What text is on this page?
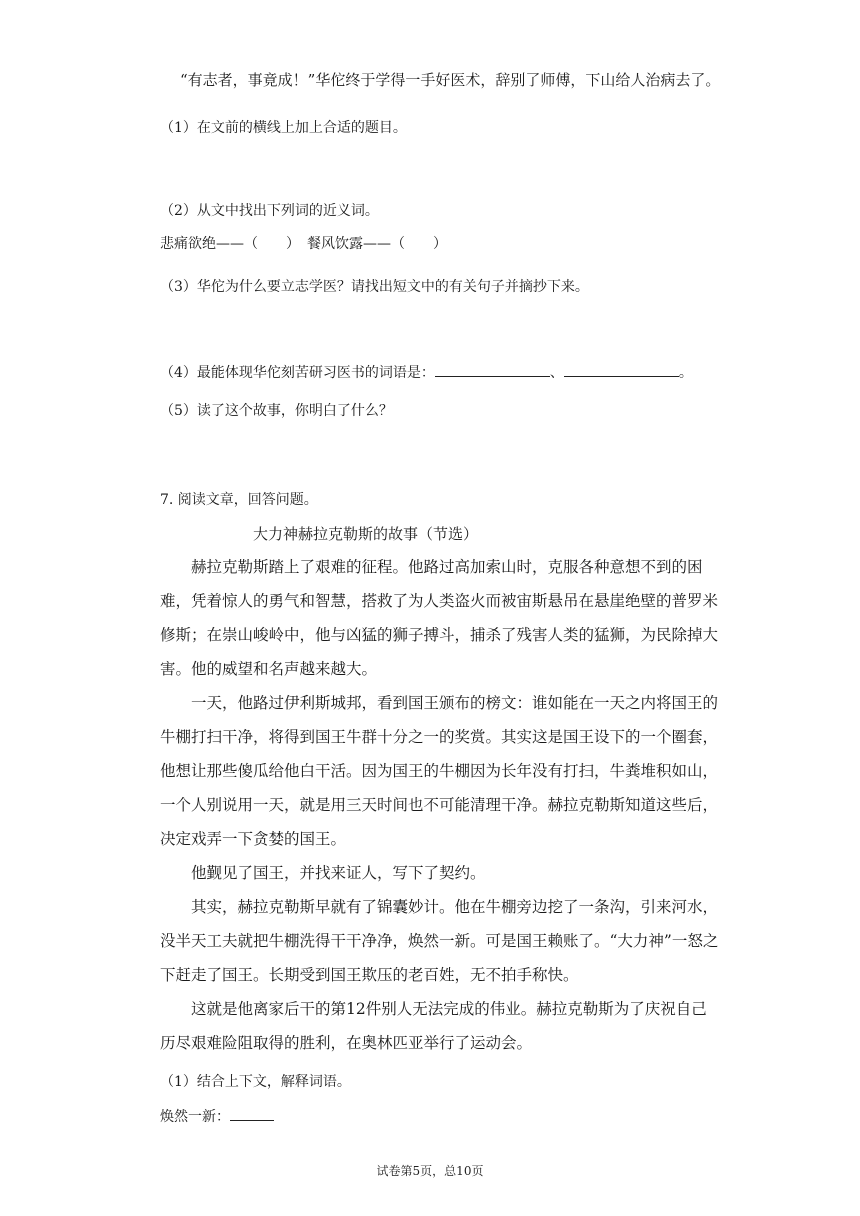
“有志者，事竟成！”华佗终于学得一手好医术，辞别了师傅，下山给人治病去了。
（1）在文前的横线上加上合适的题目。
（2）从文中找出下列词的近义词。
悲痛欲绝——（　　）　餐风饮露——（　　）
（3）华佗为什么要立志学医？请找出短文中的有关句子并摘抄下来。
（4）最能体现华佗刻苦研习医书的词语是：	、	。
（5）读了这个故事，你明白了什么？
7. 阅读文章，回答问题。
大力神赫拉克勒斯的故事（节选）

赫拉克勒斯踏上了艰难的征程。他路过高加索山时，克服各种意想不到的困难，凭着惊人的勇气和智慧，搭救了为人类盗火而被宙斯悬吊在悬崖绝壁的普罗米修斯；在崇山峻岭中，他与凶猛的狮子搏斗，捕杀了残害人类的猛狮，为民除掉大害。他的威望和名声越来越大。

一天，他路过伊利斯城邦，看到国王颁布的榜文：谁如能在一天之内将国王的牛棚打扫干净，将得到国王牛群十分之一的奖赏。其实这是国王设下的一个圈套，他想让那些傻瓜给他白干活。因为国王的牛棚因为长年没有打扫，牛粪堆积如山，一个人别说用一天，就是用三天时间也不可能清理干净。赫拉克勒斯知道这些后，决定戏弄一下贪婪的国王。

他觐见了国王，并找来证人，写下了契约。

其实，赫拉克勒斯早就有了锦囊妙计。他在牛棚旁边挖了一条沟，引来河水，没半天工夫就把牛棚洗得干干净净，焕然一新。可是国王赖账了。“大力神”一怒之下赶走了国王。长期受到国王欺压的老百姓，无不拍手称快。

这就是他离家后干的第12件别人无法完成的伟业。赫拉克勒斯为了庆祝自己历尽艰难险阻取得的胜利，在奥林匹亚举行了运动会。

（1）结合上下文，解释词语。
焕然一新：
试卷第5页，总10页
